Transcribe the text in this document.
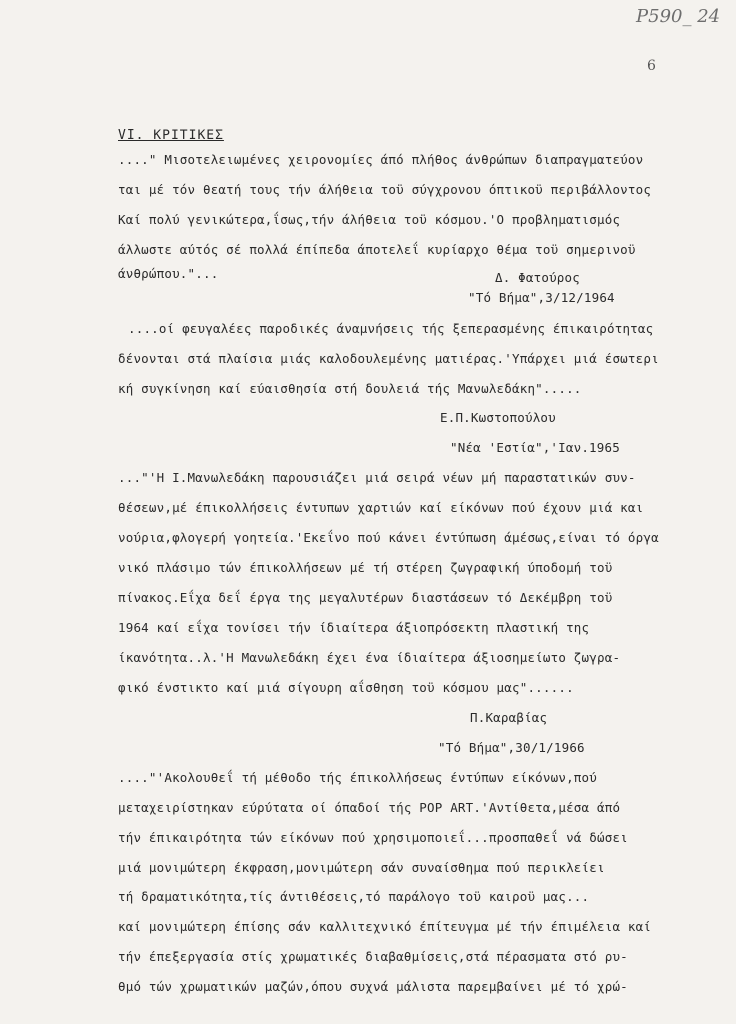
Ρ590_ 24
6
VI. ΚΡΙΤΙΚΕΣ
...." Μισοτελειωμένες χειρονομίες άπό πλήθος άνθρώπων διαπραγματεύον
ται μέ τόν θεατή τους τήν άλήθεια τοϋ σύγχρονου όπτικοϋ περιβάλλοντος
Καί πολύ γενικώτερα,ΐσως,τήν άλήθεια τοϋ κόσμου.'Ο προβληματισμός
άλλωστε αύτός σέ πολλά έπίπεδα άποτελεΐ κυρίαρχο θέμα τοϋ σημερινοϋ
άνθρώπου."...	Δ. Φατούρος
"Τό Βήμα",3/12/1964
....οί φευγαλέες παροδικές άναμνήσεις τής ξεπερασμένης έπικαιρότητας
δένονται στά πλαίσια μιάς καλοδουλεμένης ματιέρας.'Υπάρχει μιά έσωτερι
κή συγκίνηση καί εύαισθησία στή δουλειά τής Μανωλεδάκη".....
Ε.Π.Κωστοπούλου
"Νέα 'Εστία",'Ιαν.1965
..."'Η Ι.Μανωλεδάκη παρουσιάζει μιά σειρά νέων μή παραστατικών συν-
θέσεων,μέ έπικολλήσεις έντυπων χαρτιών καί είκόνων πού έχουν μιά και
νούρια,φλογερή γοητεία.'Εκεΐνο πού κάνει έντύπωση άμέσως,είναι τό όργα
νικό πλάσιμο τών έπικολλήσεων μέ τή στέρεη ζωγραφική ύποδομή τοϋ
πίνακος.Εΐχα δεΐ έργα της μεγαλυτέρων διαστάσεων τό Δεκέμβρη τοϋ
1964 καί εΐχα τονίσει τήν ίδιαίτερα άξιοπρόσεκτη πλαστική της
ίκανότητα..λ.'Η Μανωλεδάκη έχει ένα ίδιαίτερα άξιοσημείωτο ζωγρα-
φικό ένστικτο καί μιά σίγουρη αΐσθηση τοϋ κόσμου μας"......
Π.Καραβίας
"Τό Βήμα",30/1/1966
...."'Ακολουθεΐ τή μέθοδο τής έπικολλήσεως έντύπων είκόνων,πού
μεταχειρίστηκαν εύρύτατα οί όπαδοί τής POP ART.'Αντίθετα,μέσα άπό
τήν έπικαιρότητα τών είκόνων πού χρησιμοποιεΐ...προσπαθεΐ νά δώσει
μιά μονιμώτερη έκφραση,μονιμώτερη σάν συναίσθημα πού περικλείει
τή δραματικότητα,τίς άντιθέσεις,τό παράλογο τοϋ καιροϋ μας...
καί μονιμώτερη έπίσης σάν καλλιτεχνικό έπίτευγμα μέ τήν έπιμέλεια καί
τήν έπεξεργασία στίς χρωματικές διαβαθμίσεις,στά πέρασματα στό ρυ-
θμό τών χρωματικών μαζών,όπου συχνά μάλιστα παρεμβαίνει μέ τό χρώ-
